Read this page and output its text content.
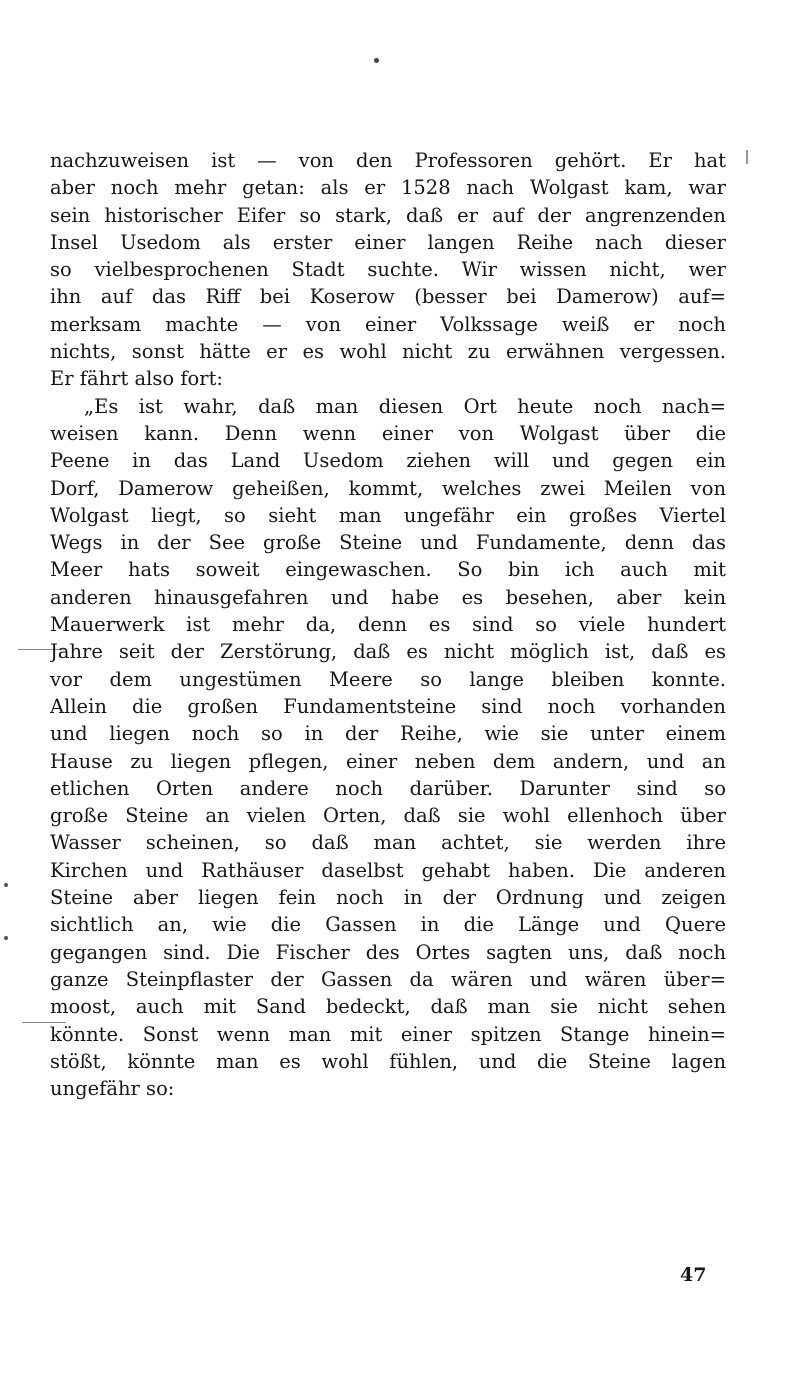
nachzuweisen ist — von den Professoren gehört. Er hat
aber noch mehr getan: als er 1528 nach Wolgast kam, war
sein historischer Eifer so stark, daß er auf der angrenzenden
Insel Usedom als erster einer langen Reihe nach dieser
so vielbesprochenen Stadt suchte. Wir wissen nicht, wer
ihn auf das Riff bei Koserow (besser bei Damerow) auf=
merksam machte — von einer Volkssage weiß er noch
nichts, sonst hätte er es wohl nicht zu erwähnen vergessen.
Er fährt also fort:
„Es ist wahr, daß man diesen Ort heute noch nach=
weisen kann. Denn wenn einer von Wolgast über die
Peene in das Land Usedom ziehen will und gegen ein
Dorf, Damerow geheißen, kommt, welches zwei Meilen von
Wolgast liegt, so sieht man ungefähr ein großes Viertel
Wegs in der See große Steine und Fundamente, denn das
Meer hats soweit eingewaschen. So bin ich auch mit
anderen hinausgefahren und habe es besehen, aber kein
Mauerwerk ist mehr da, denn es sind so viele hundert
Jahre seit der Zerstörung, daß es nicht möglich ist, daß es
vor dem ungestümen Meere so lange bleiben konnte.
Allein die großen Fundamentsteine sind noch vorhanden
und liegen noch so in der Reihe, wie sie unter einem
Hause zu liegen pflegen, einer neben dem andern, und an
etlichen Orten andere noch darüber. Darunter sind so
große Steine an vielen Orten, daß sie wohl ellenhoch über
Wasser scheinen, so daß man achtet, sie werden ihre
Kirchen und Rathäuser daselbst gehabt haben. Die anderen
Steine aber liegen fein noch in der Ordnung und zeigen
sichtlich an, wie die Gassen in die Länge und Quere
gegangen sind. Die Fischer des Ortes sagten uns, daß noch
ganze Steinpflaster der Gassen da wären und wären über=
moost, auch mit Sand bedeckt, daß man sie nicht sehen
könnte. Sonst wenn man mit einer spitzen Stange hinein=
stößt, könnte man es wohl fühlen, und die Steine lagen
ungefähr so:
47
